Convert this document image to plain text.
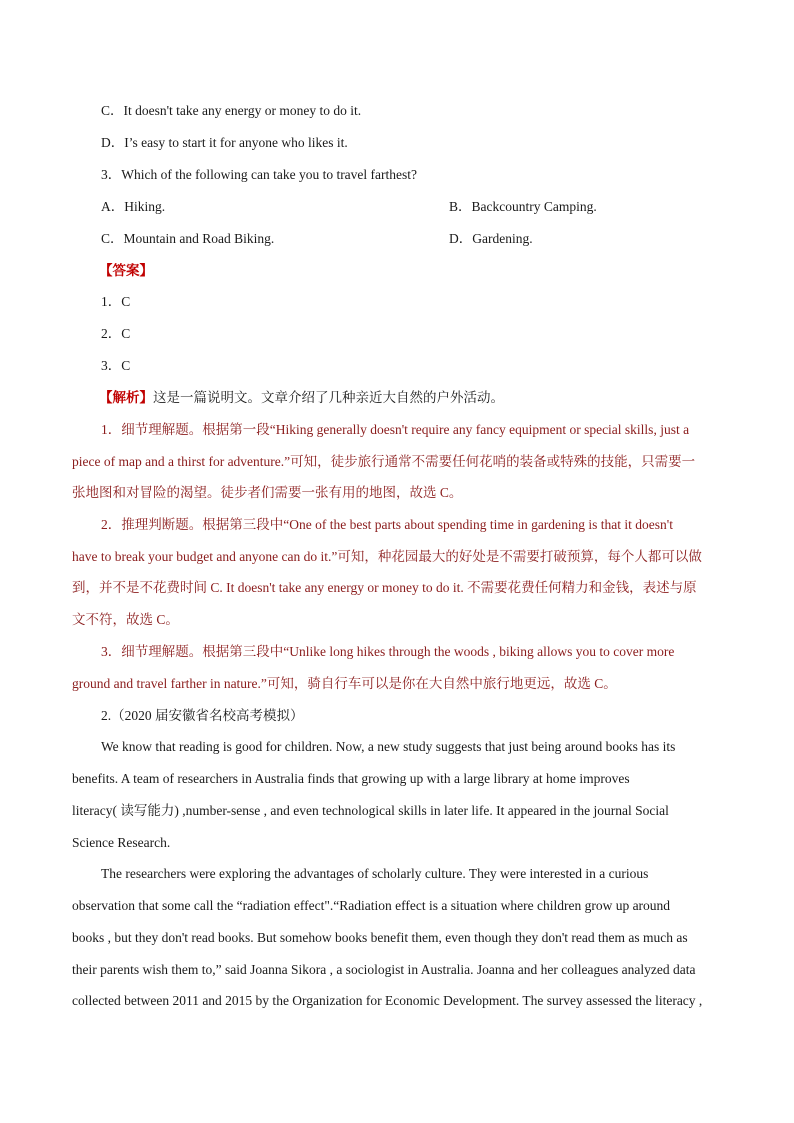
C．It doesn't take any energy or money to do it.
D．I’s easy to start it for anyone who likes it.
3．Which of the following can take you to travel farthest?
A．Hiking.	B．Backcountry Camping.
C．Mountain and Road Biking.	D．Gardening.
【答案】
1．C
2．C
3．C
【解析】这是一篇说明文。文章介绍了几种亲近大自然的户外活动。
1．细节理解题。根据第一段“Hiking generally doesn't require any fancy equipment or special skills, just a
piece of map and a thirst for adventure.”可知，徒步旅行通常不需要任何花哨的装备或特殊的技能，只需要一
张地图和对冒险的渴望。徒步者们需要一张有用的地图，故选 C。
2．推理判断题。根据第三段中“One of the best parts about spending time in gardening is that it doesn't
have to break your budget and anyone can do it.”可知，种花园最大的好处是不需要打破预算，每个人都可以做
到，并不是不花费时间 C. It doesn't take any energy or money to do it. 不需要花费任何精力和金钱，表述与原
文不符，故选 C。
3．细节理解题。根据第三段中“Unlike long hikes through the woods , biking allows you to cover more
ground and travel farther in nature.”可知，骑自行车可以是你在大自然中旅行地更远，故选 C。
2.（2020 届安徽省名校高考模拟）
We know that reading is good for children. Now, a new study suggests that just being around books has its
benefits. A team of researchers in Australia finds that growing up with a large library at home improves
literacy( 读写能力) ,number-sense , and even technological skills in later life. It appeared in the journal Social
Science Research.
The researchers were exploring the advantages of scholarly culture. They were interested in a curious
observation that some call the “radiation effect".“Radiation effect is a situation where children grow up around
books , but they don't read books. But somehow books benefit them, even though they don't read them as much as
their parents wish them to,” said Joanna Sikora , a sociologist in Australia. Joanna and her colleagues analyzed data
collected between 2011 and 2015 by the Organization for Economic Development. The survey assessed the literacy ,
